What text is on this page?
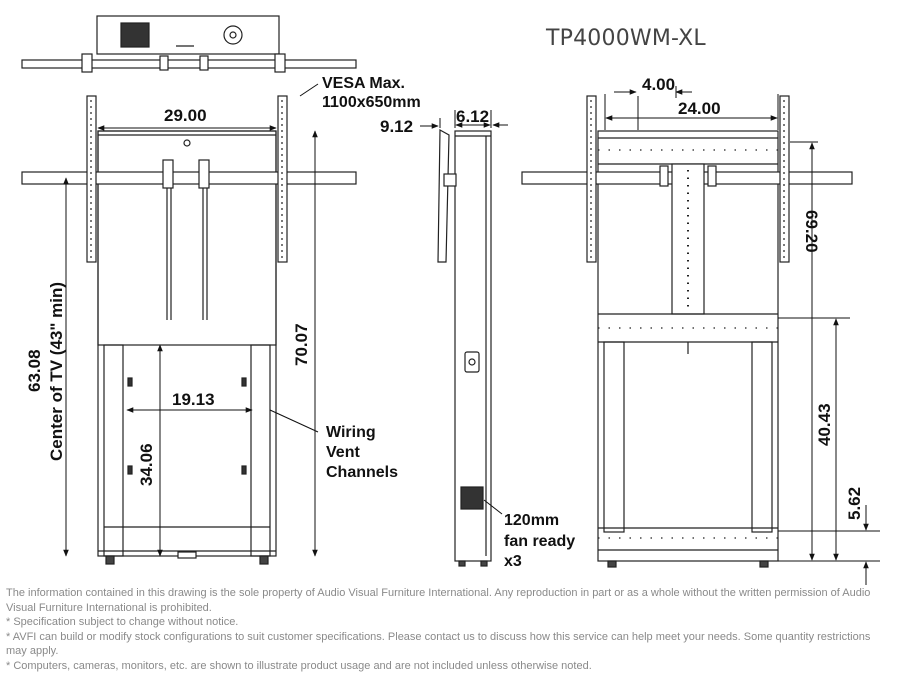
TP4000WM-XL
29.00
19.13
34.06
70.07
63.08 Center of TV (43" min)
VESA Max.
1100x650mm
Wiring
Vent
Channels
9.12
6.12
120mm
fan ready
x3
4.00
24.00
69.20
40.43
5.62

The information contained in this drawing is the sole property of Audio Visual Furniture International. Any reproduction in part or as a whole without the written permission of Audio Visual Furniture International is prohibited.

* Specification subject to change without notice.

* AVFI can build or modify stock configurations to suit customer specifications. Please contact us to discuss how this service can help meet your needs. Some quantity restrictions may apply.

* Computers, cameras, monitors, etc. are shown to illustrate product usage and are not included unless otherwise noted.
